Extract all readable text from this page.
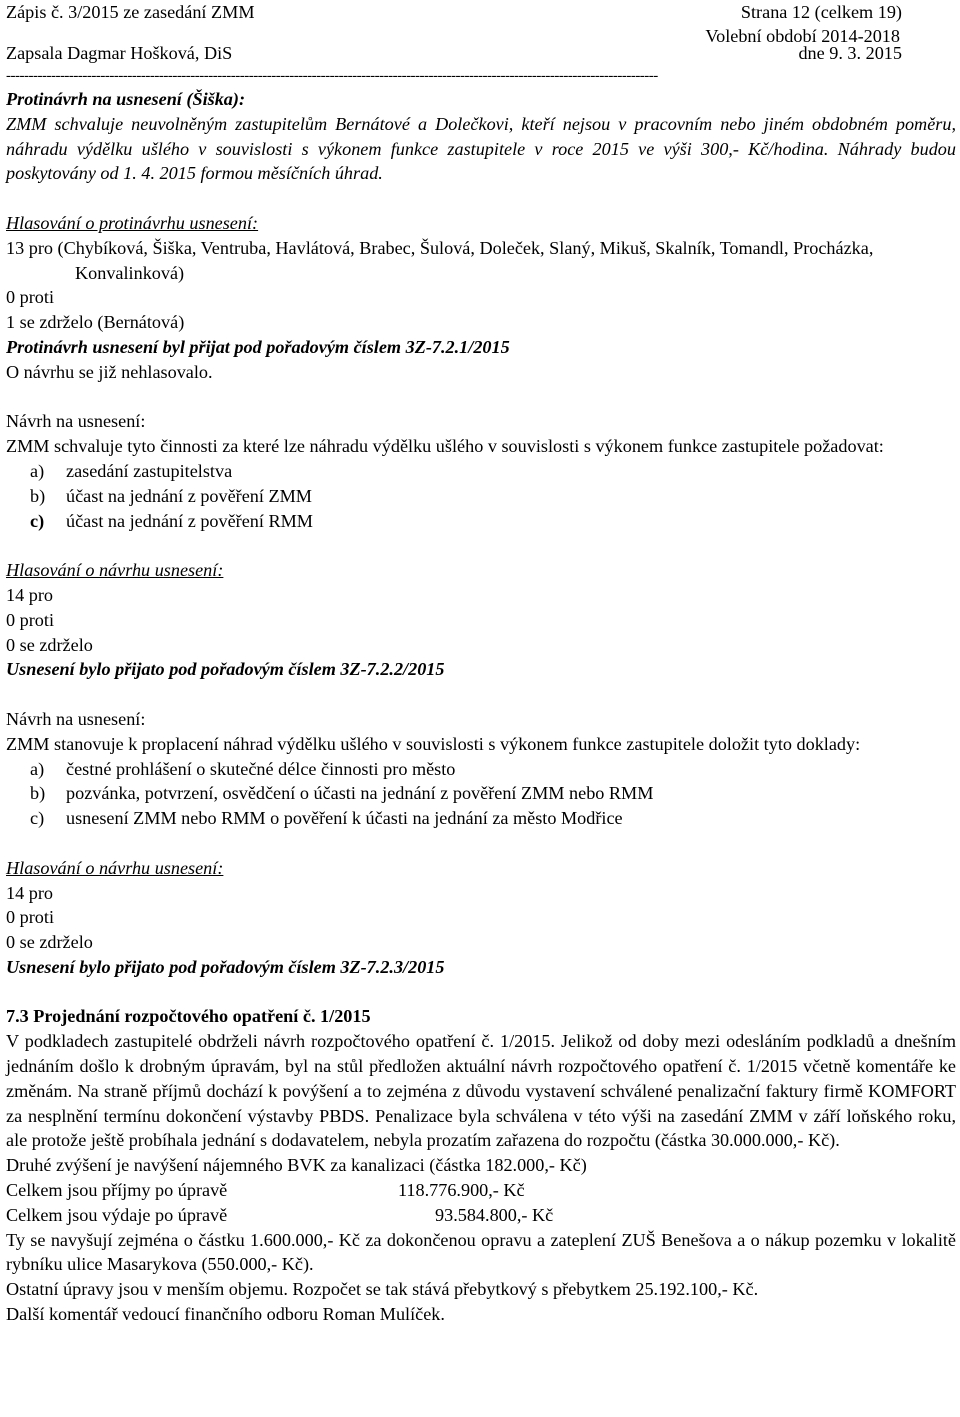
Zápis č. 3/2015 ze zasedání ZMM	Strana 12 (celkem 19)
Volební období 2014-2018
Zapsala Dagmar Hošková, DiS	dne 9. 3. 2015
-------------------------------------------------------------------------------------------------------------------------------------------------

Protinávrh na usnesení (Šiška):

ZMM schvaluje neuvolněným zastupitelům Bernátové a Dolečkovi, kteří nejsou v pracovním nebo jiném obdobném poměru, náhradu výdělku ušlého v souvislosti s výkonem funkce zastupitele v roce 2015 ve výši 300,- Kč/hodina. Náhrady budou poskytovány od 1. 4. 2015 formou měsíčních úhrad.

Hlasování o protinávrhu usnesení:

13 pro (Chybíková, Šiška, Ventruba, Havlátová, Brabec, Šulová, Doleček, Slaný, Mikuš, Skalník, Tomandl, Procházka, Konvalinková)

0 proti

1 se zdrželo (Bernátová)

Protinávrh usnesení byl přijat pod pořadovým číslem 3Z-7.2.1/2015

O návrhu se již nehlasovalo.

Návrh na usnesení:

ZMM schvaluje tyto činnosti za které lze náhradu výdělku ušlého v souvislosti s výkonem funkce zastupitele požadovat:

a) zasedání zastupitelstva
b) účast na jednání z pověření ZMM
c) účast na jednání z pověření RMM

Hlasování o návrhu usnesení:

14 pro

0 proti

0 se zdrželo

Usnesení bylo přijato pod pořadovým číslem 3Z-7.2.2/2015

Návrh na usnesení:

ZMM stanovuje k proplacení náhrad výdělku ušlého v souvislosti s výkonem funkce zastupitele doložit tyto doklady:

a) čestné prohlášení o skutečné délce činnosti pro město
b) pozvánka, potvrzení, osvědčení o účasti na jednání z pověření ZMM nebo RMM
c) usnesení ZMM nebo RMM o pověření k účasti na jednání za město Modřice

Hlasování o návrhu usnesení:

14 pro

0 proti

0 se zdrželo

Usnesení bylo přijato pod pořadovým číslem 3Z-7.2.3/2015

7.3 Projednání rozpočtového opatření č. 1/2015

V podkladech zastupitelé obdrželi návrh rozpočtového opatření č. 1/2015. Jelikož od doby mezi odesláním podkladů a dnešním jednáním došlo k drobným úpravám, byl na stůl předložen aktuální návrh rozpočtového opatření č. 1/2015 včetně komentáře ke změnám. Na straně příjmů dochází k povýšení a to zejména z důvodu vystavení schválené penalizační faktury firmě KOMFORT za nesplnění termínu dokončení výstavby PBDS. Penalizace byla schválena v této výši na zasedání ZMM v září loňského roku, ale protože ještě probíhala jednání s dodavatelem, nebyla prozatím zařazena do rozpočtu (částka 30.000.000,- Kč).

Druhé zvýšení je navýšení nájemného BVK za kanalizaci (částka 182.000,- Kč)

Celkem jsou příjmy po úpravě	118.776.900,- Kč
Celkem jsou výdaje po úpravě	93.584.800,- Kč

Ty se navyšují zejména o částku 1.600.000,- Kč za dokončenou opravu a zateplení ZUŠ Benešova a o nákup pozemku v lokalitě rybníku ulice Masarykova (550.000,- Kč).

Ostatní úpravy jsou v menším objemu. Rozpočet se tak stává přebytkový s přebytkem 25.192.100,- Kč.

Další komentář vedoucí finančního odboru Roman Mulíček.
